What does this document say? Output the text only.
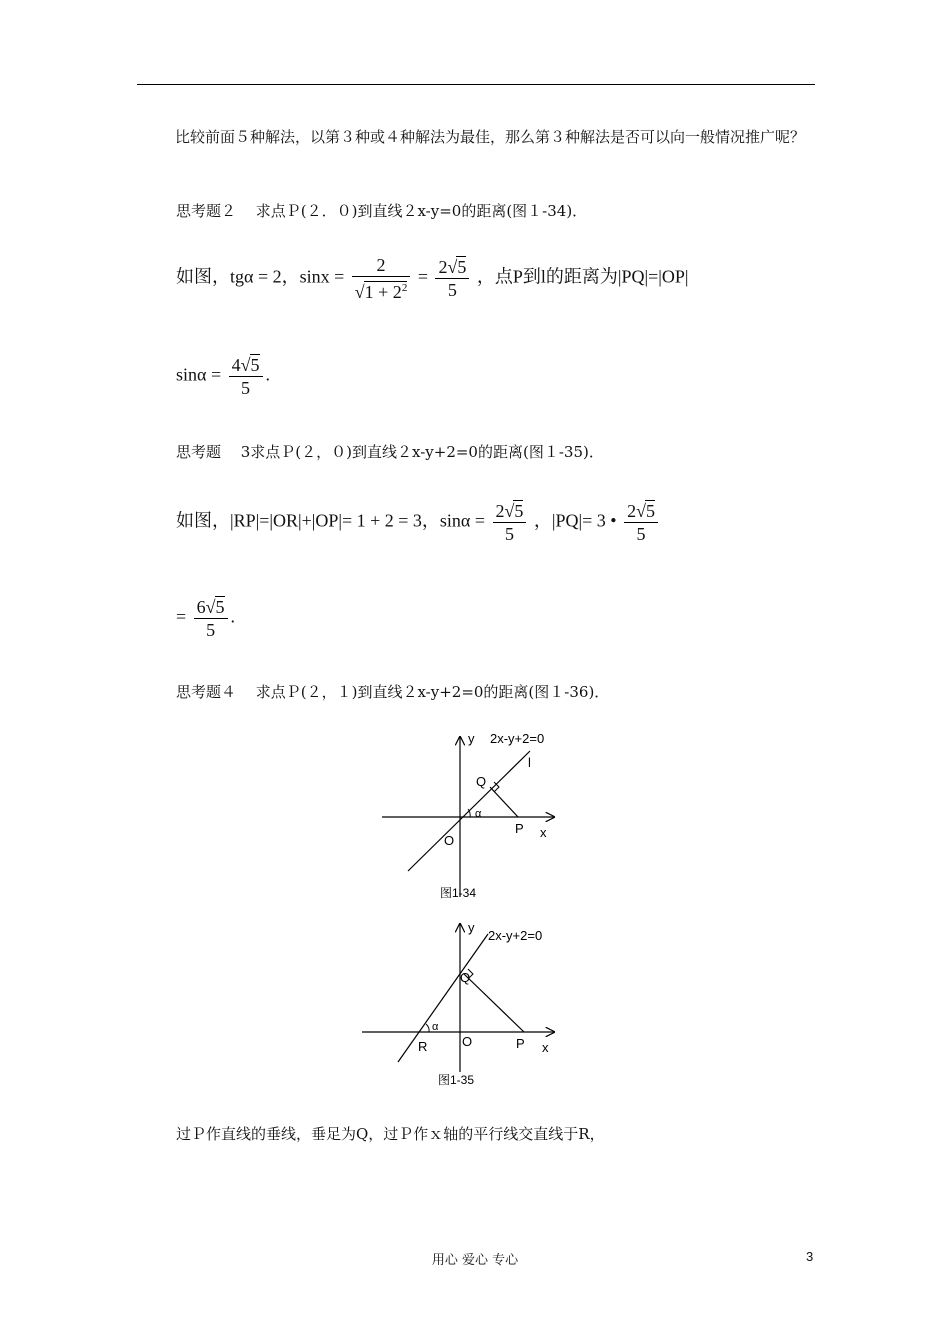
比较前面５种解法，以第３种或４种解法为最佳，那么第３种解法是否可以向一般情况推广呢？

思考题２　 求点Ｐ(２．０)到直线２x-y=0的距离(图１-34)．
如图，tgα = 2，$\sin x = \frac{2}{√1 + 2^2} = \frac{2√5}{5}$ ，点P到l的距离为|PQ|=|OP|
$\sin\alpha = \frac{4√5}{5}$ .
思考题　 3求点Ｐ(２，０)到直线２x-y+2=0的距离(图１-35)．
如图，|RP|=|OR|+|OP|= 1 + 2 = 3，$\sin\alpha = \frac{2√5}{5}$ ，|PQ|= 3 • $\frac{2√5}{5}$
= $\frac{6√5}{5}$ .
思考题４　 求点Ｐ(２，１)到直线２x-y+2=0的距离(图１-36)．
y 2x-y+2=0
l
Q
α
O
P x
图1-34
y
2x-y+2=0
Q
α
R	O	P x
图1-35
过Ｐ作直线的垂线，垂足为Q，过Ｐ作ｘ轴的平行线交直线于R，
用心 爱心 专心	3
